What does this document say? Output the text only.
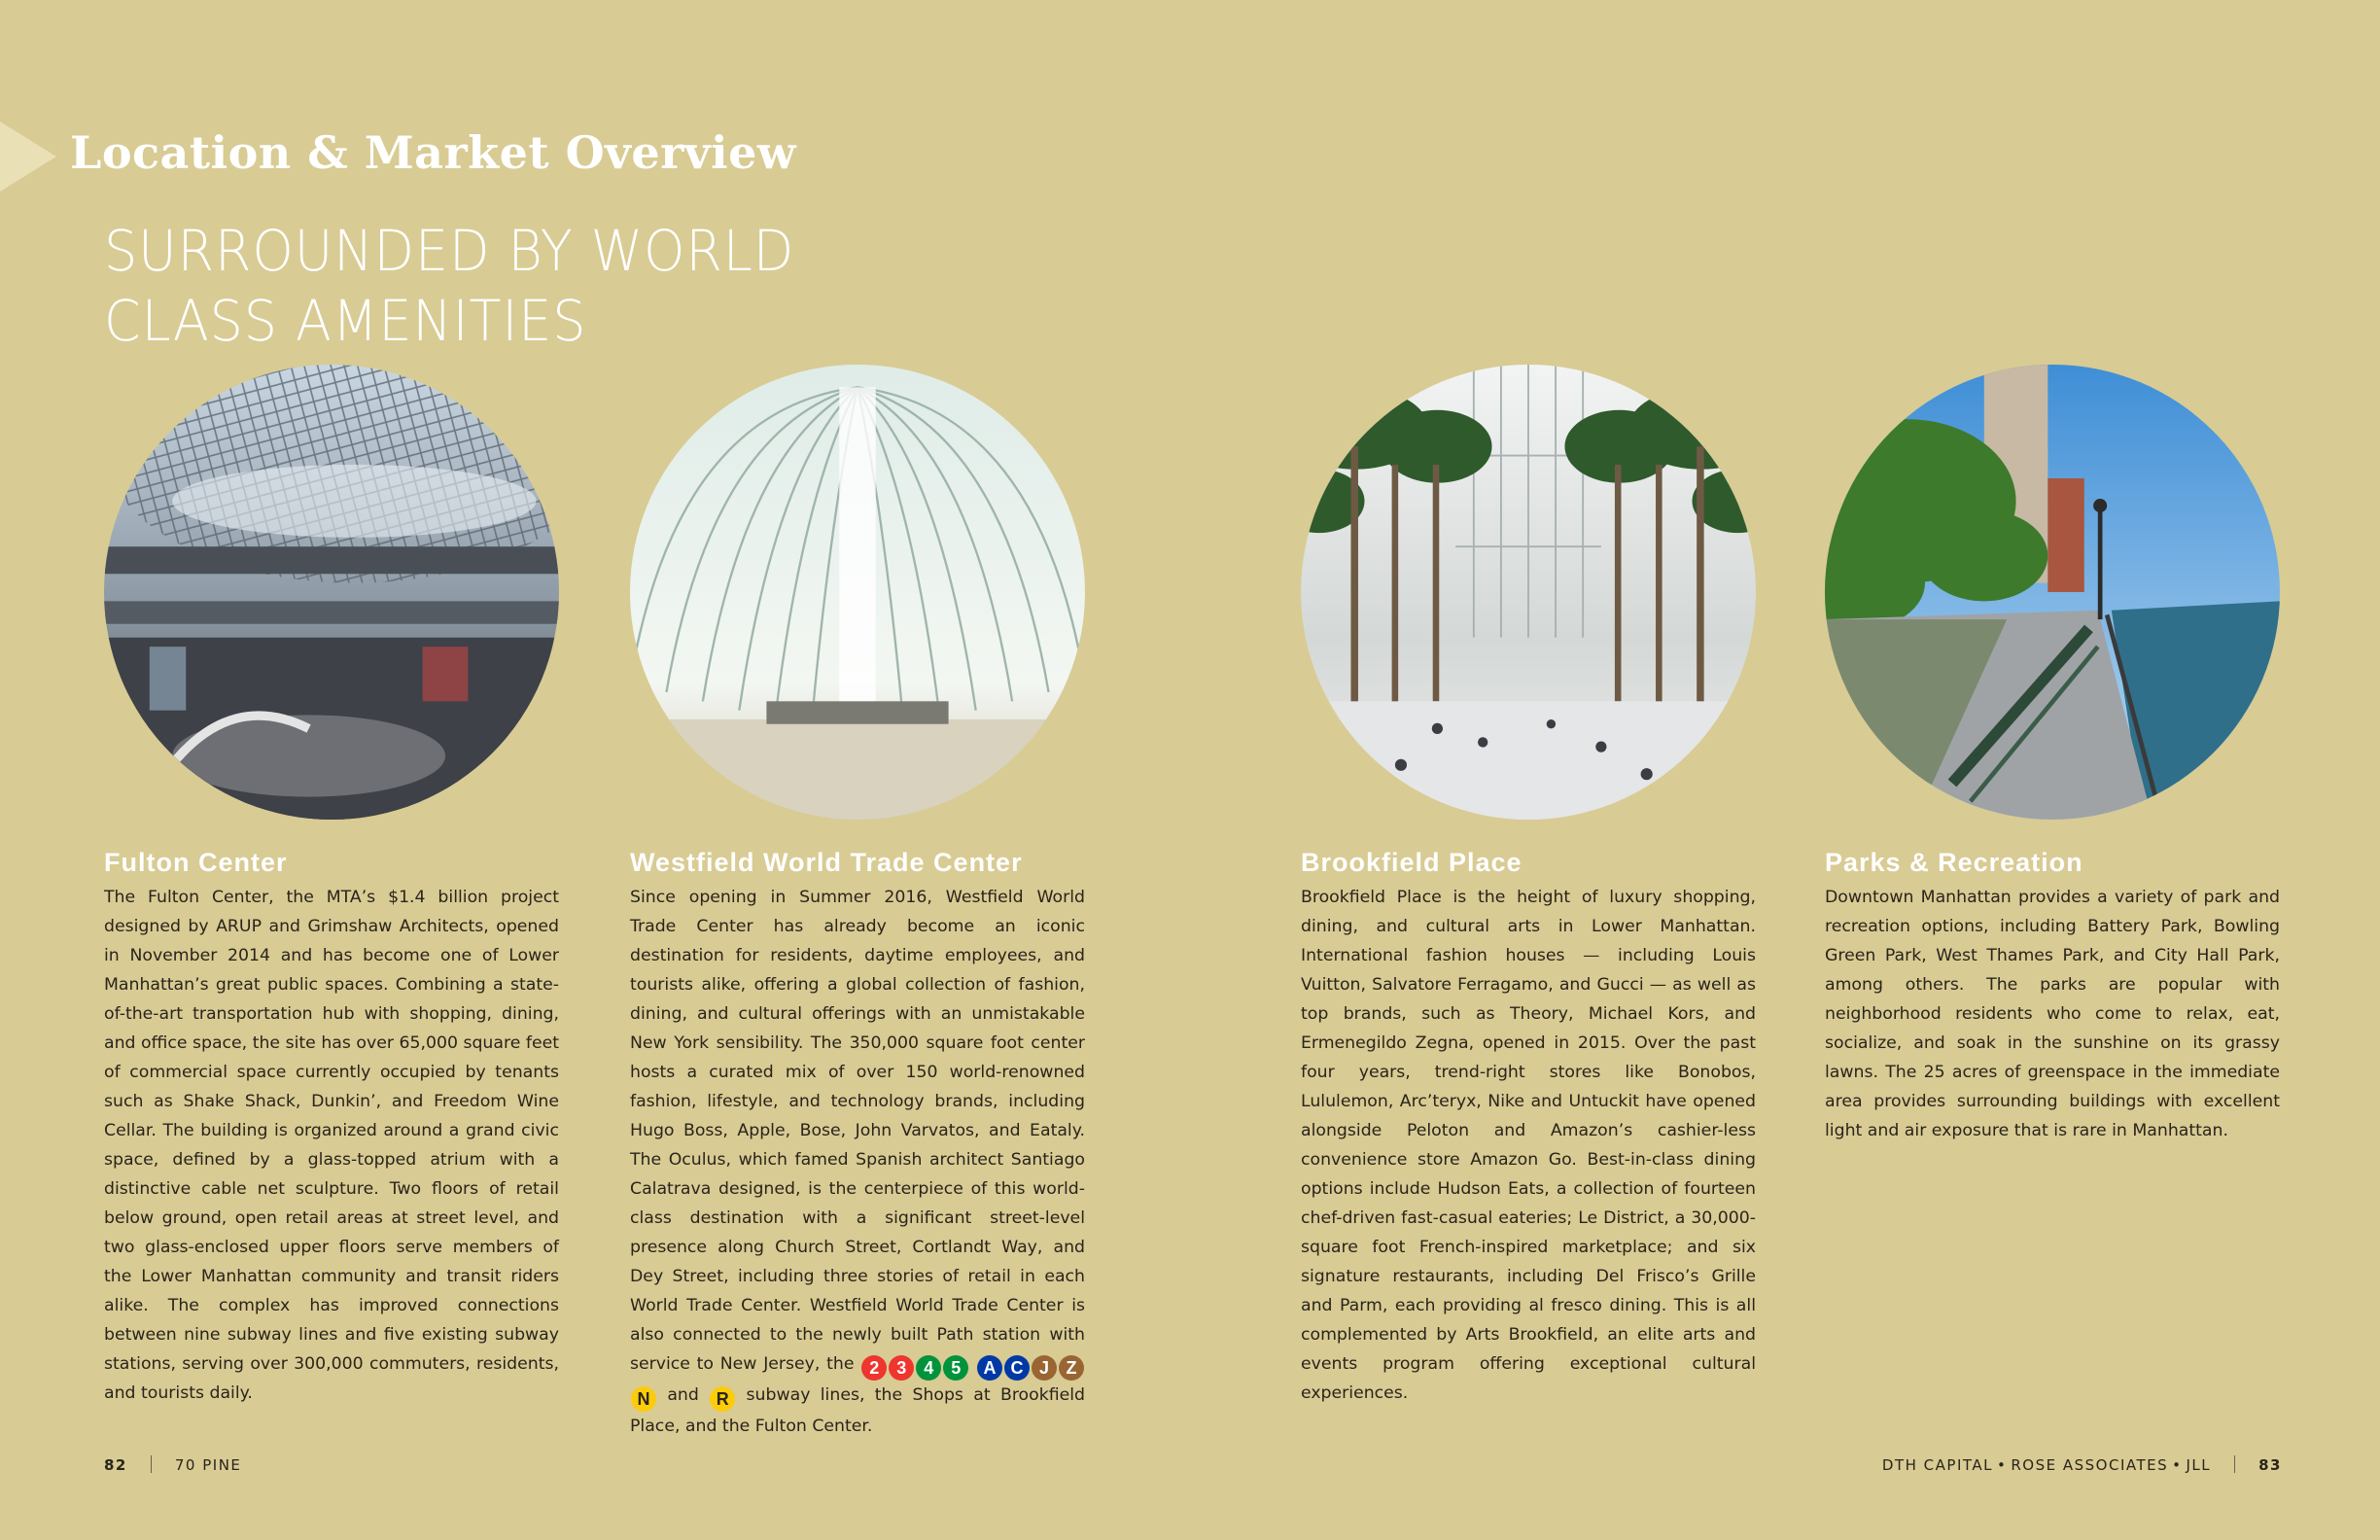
Location & Market Overview
SURROUNDED BY WORLD
CLASS AMENITIES
Fulton Center
The Fulton Center, the MTA’s $1.4 billion project designed by ARUP and Grimshaw Architects, opened in November 2014 and has become one of Lower Manhattan’s great public spaces. Combining a state-of-the-art transportation hub with shopping, dining, and office space, the site has over 65,000 square feet of commercial space currently occupied by tenants such as Shake Shack, Dunkin’, and Freedom Wine Cellar. The building is organized around a grand civic space, defined by a glass-topped atrium with a distinctive cable net sculpture. Two floors of retail below ground, open retail areas at street level, and two glass-enclosed upper floors serve members of the Lower Manhattan community and transit riders alike. The complex has improved connections between nine subway lines and five existing subway stations, serving over 300,000 commuters, residents, and tourists daily.
Westfield World Trade Center
Since opening in Summer 2016, Westfield World Trade Center has already become an iconic destination for residents, daytime employees, and tourists alike, offering a global collection of fashion, dining, and cultural offerings with an unmistakable New York sensibility. The 350,000 square foot center hosts a curated mix of over 150 world-renowned fashion, lifestyle, and technology brands, including Hugo Boss, Apple, Bose, John Varvatos, and Eataly. The Oculus, which famed Spanish architect Santiago Calatrava designed, is the centerpiece of this world-class destination with a significant street-level presence along Church Street, Cortlandt Way, and Dey Street, including three stories of retail in each World Trade Center. Westfield World Trade Center is also connected to the newly built Path station with service to New Jersey, the 2 3 4 5 A C J ZN and R subway lines, the Shops at Brookfield Place, and the Fulton Center.
Brookfield Place
Brookfield Place is the height of luxury shopping, dining, and cultural arts in Lower Manhattan. International fashion houses — including Louis Vuitton, Salvatore Ferragamo, and Gucci — as well as top brands, such as Theory, Michael Kors, and Ermenegildo Zegna, opened in 2015. Over the past four years, trend-right stores like Bonobos, Lululemon, Arc’teryx, Nike and Untuckit have opened alongside Peloton and Amazon’s cashier-less convenience store Amazon Go. Best-in-class dining options include Hudson Eats, a collection of fourteen chef-driven fast-casual eateries; Le District, a 30,000-square foot French-inspired marketplace; and six signature restaurants, including Del Frisco’s Grille and Parm, each providing al fresco dining. This is all complemented by Arts Brookfield, an elite arts and events program offering exceptional cultural experiences.
Parks & Recreation
Downtown Manhattan provides a variety of park and recreation options, including Battery Park, Bowling Green Park, West Thames Park, and City Hall Park, among others. The parks are popular with neighborhood residents who come to relax, eat, socialize, and soak in the sunshine on its grassy lawns. The 25 acres of greenspace in the immediate area provides surrounding buildings with excellent light and air exposure that is rare in Manhattan.
82	70 PINE	DTH CAPITAL • ROSE ASSOCIATES • JLL	83
